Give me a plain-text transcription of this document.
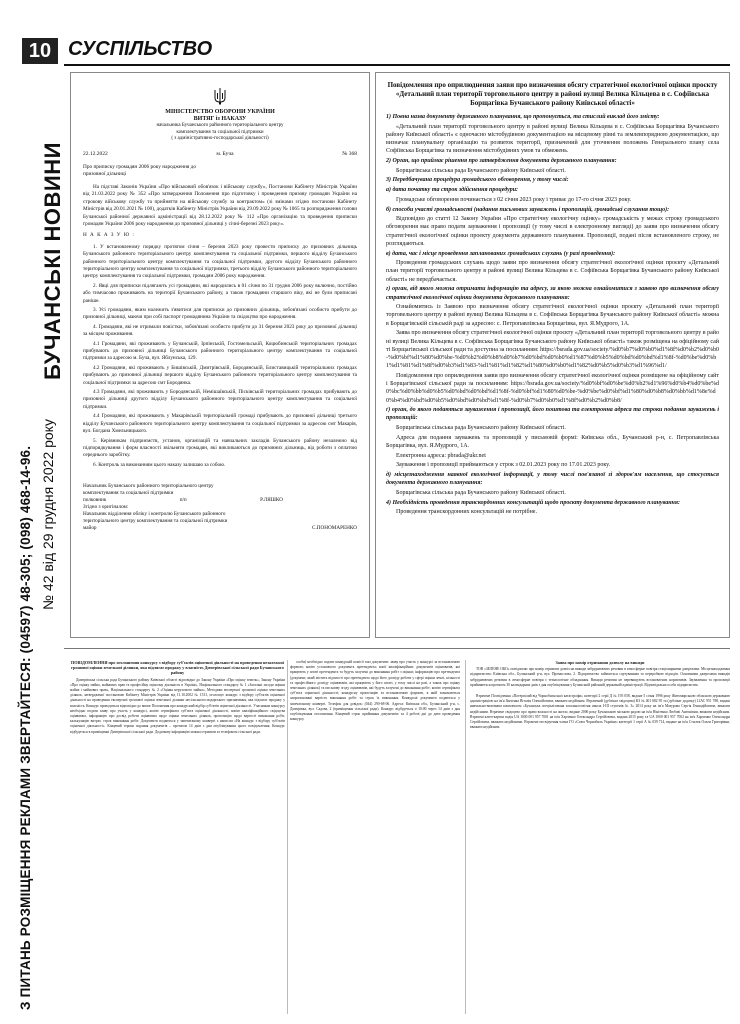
10
БУЧАНСЬКІ НОВИНИ
№ 42 від 29 грудня 2022 року
З ПИТАНЬ РОЗМІЩЕННЯ РЕКЛАМИ ЗВЕРТАЙТЕСЯ: (04597) 48-305; (098) 468-14-96.
СУСПІЛЬСТВО
МІНІСТЕРСТВО ОБОРОНИ УКРАЇНИ
ВИТЯГ із НАКАЗУ
начальника Бучанського районного територіального центру
комплектування та соціальної підтримки
( з адміністративно-господарської діяльності)
22.12.2022	м. Буча	№ 368
Про приписку громадян 2006 року народження до призовної дільниці

На підставі Законів України «Про військовий обов'язок і військову службу», Постанови Кабінету Міністрів України від 21.03.2022 року № 352 «Про затвердження Положення про підготовку і проведення призову громадян України на строкову військову службу та прийняття на військову службу за контрактом» (зі змінами згідно постанови Кабінету Міністрів від 20.01.2021 № 100), додатків Кабінету Міністрів України від 29.09.2022 року № 1065 та розпорядження голови Бучанської районної державної адміністрації від 28.12.2022 року № 112 «Про організацію та проведення приписки громадян України 2006 року народження до призовної дільниці у січні-березні 2023 року».

Н А К А З У Ю :

1. У встановленому порядку протягом січня – березня 2023 року провести приписку до призовних дільниць Бучанського районного територіального центру комплектування та соціальної підтримки, першого відділу Бучанського районного територіального центру комплектування та соціальної підтримки, другого відділу Бучанського районного територіального центру комплектування та соціальної підтримки, третього відділу Бучанського районного територіального центру комплектування та соціальної підтримки, громадян 2006 року народження.

2. Явці для приписки підлягають усі громадяни, які народились в 01 січня по 31 грудня 2006 року включно, постійно або тимчасово проживають на території Бучанського району, а також громадяни старшого віку, які не були приписані раніше.

3. Усі громадяни, яким належить з'явитися для приписки до призовних дільниць, зобов'язані особисто прибути до призовної дільниці, маючи при собі паспорт громадянина України та свідоцтво про народження.

4. Громадяни, які не отримали повістки, зобов'язані особисто прибути до 31 березня 2023 року до призовної дільниці за місцем проживання.

4.1 Громадяни, які проживають у Бучанській, Ірпінській, Гостомельській, Коцюбинській територіальних громадах прибувають до призовної дільниці Бучанського районного територіального центру комплектування та соціальної підтримки за адресою м. Буча, вул. Яблунська, 129.

4.2 Громадяни, які проживають у Бишівській, Дмитрівській, Бородянській, Блиставицькій територіальних громадах прибувають до призовної дільниці першого відділу Бучанського районного територіального центру комплектування та соціальної підтримки за адресою смт Бородянка.

4.3 Громадяни, які проживають у Бородянській, Немішаївській, Пісківській територіальних громадах прибувають до призовної дільниці другого відділу Бучанського районного територіального центру комплектування та соціальної підтримки.

4.4 Громадяни, які проживають у Макарівській територіальній громаді прибувають до призовної дільниці третього відділу Бучанського районного територіального центру комплектування та соціальної підтримки за адресою смт Макарів, вул. Богдана Хмельницького.

5. Керівникам підприємств, установ, організацій та навчальних закладів Бучанського району незалежно від підпорядкування і форм власності звільняти громадян, які викликаються до призовних дільниць, від роботи з оплатою середнього заробітку.

6. Контроль за виконанням цього наказу залишаю за собою.

Начальник Бучанського районного територіального центру комплектування та соціальної підтримки
полковник	п/п	Р.ЛЯШКО
Згідно з оригіналом:
Начальник відділення обліку і контролю Бучанського районного територіального центру комплектування та соціальної підтримки
майор	С.ПОНОМАРЕНКО
Повідомлення про оприлюднення заяви про визначення обсягу стратегічної екологічної оцінки проєкту «Детальний план території торговельного центру в районі вулиці Велика Кільцева в с. Софіївська Борщагівка Бучанського району Київської області»

1) Повна назва документу державного планування, що пропонується, та стислий виклад його змісту:

«Детальний план території торговельного центру в районі вулиці Велика Кільцева в с. Софіївська Борщагівка Бучанського району Київської області» є одночасно містобудівною документацією на місцевому рівні та землевпорядною документацією, що визначає планувальну організацію та розвиток території, призначений для уточнення положень Генерального плану села Софіївська Борщагівка та визначення містобудівних умов та обмежень.

2) Орган, що приймає рішення про затвердження документа державного планування:

Борщагівська сільська рада Бучанського району Київської області.

3) Передбачувана процедура громадського обговорення, у тому числі:

а) дата початку та строк здійснення процедури:

Громадське обговорення починається з 02 січня 2023 року і триває до 17-го січня 2023 року.

б) способи участі громадськості (надання письмових зауважень і пропозицій, громадські слухання тощо):

Відповідно до статті 12 Закону України «Про стратегічну екологічну оцінку» громадськість у межах строку громадського обговорення має право подати зауваження і пропозиції (у тому числі в електронному вигляді) до заяви про визначення обсягу стратегічної екологічної оцінки проекту документа державного планування. Пропозиції, подані після встановленого строку, не розглядаються.

в) дата, час і місце проведення запланованих громадських слухань (у разі проведення):

Проведення громадських слухань щодо заяви про визначення обсягу стратегічної екологічної оцінки проєкту «Детальний план території торговельного центру в районі вулиці Велика Кільцева в с. Софіївська Борщагівка Бучанського району Київської області» не передбачається.

г) орган, від якого можна отримати інформацію та адресу, за якою можна ознайомитися з заявою про визначення обсягу стратегічної екологічної оцінки документа державного планування:

Ознайомитись із Заявою про визначення обсягу стратегічної екологічної оцінки проєкту «Детальний план території торговельного центру в районі вулиці Велика Кільцева в с. Софіївська Борщагівка Бучанського району Київської області» можна в Борщагівській сільській раді за адресою: с. Петропавлівська Борщагівка, вул. Я.Мудрого, 1А.

Заява про визначення обсягу стратегічної екологічної оцінки проєкту «Детальний план території торговельного центру в районі вулиці Велика Кільцева в с. Софіївська Борщагівка Бучанського району Київської області» також розміщена на офіційному сайті Борщагівської сільської ради та доступна за посиланням: https://bsrada.gov.ua/society/%d0%b7%d0%b0%d1%8f%d0%b2%d0%b0-%d0%bf%d1%80%d0%be-%d0%b2%d0%b8%d0%b7%d0%bd%d0%b0%d1%87%d0%b5%d0%bd%d0%bd%d1%8f-%d0%be%d0%b1%d1%81%d1%8f%d0%b3%d1%83-%d1%81%d1%82%d1%80%d0%b0%d1%82%d0%b5%d0%b3%d1%96%d1/

Повідомлення про оприлюднення заяви про визначення обсягу стратегічної екологічної оцінки розміщене на офіційному сайті Борщагівської сільської ради за посиланням: https://bsrada.gov.ua/society/%d0%bf%d0%be%d0%b2%d1%96%d0%b4%d0%be%d0%bc%d0%bb%d0%b5%d0%bd%d0%bd%d1%8f-%d0%bf%d1%80%d0%be-%d0%be%d0%bf%d1%80%d0%b8%d0%bb%d1%8e%d0%b4%d0%bd%d0%b5%d0%bd%d0%bd%d1%8f-%d0%b7%d0%b0%d1%8f%d0%b2%d0%b8/

ґ) орган, до якого подаються зауваження і пропозиції, його поштова та електронна адреса та строки подання зауважень і пропозицій:

Борщагівська сільська рада Бучанського району Київської області.

Адреса для подання зауважень та пропозицій у письмовій формі: Київська обл., Бучанський р-н, с. Петропавлівська Борщагівка, вул. Я.Мудрого, 1А.

Електронна адреса: pbrada@ukr.net

Зауваження і пропозиції приймаються у строк з 02.01.2023 року по 17.01.2023 року.

д) місцезнаходження наявної екологічної інформації, у тому числі пов'язаної зі здоров'ям населення, що стосується документа державного планування:

Борщагівська сільська рада Бучанського району Київської області.

4) Необхідність проведення транскордонних консультацій щодо проєкту документа державного планування:

Проведення транскордонних консультацій не потрібне.

ПОВІДОМЛЕННЯ про оголошення конкурсу з відбору суб'єктів оціночної діяльності на проведення незалежної грошової оцінки земельної ділянки, яка підлягає продажу у власність Дмитрівської сільської ради Бучанського району

Дмитрівська сільська рада Бучанського району Київської області відповідно до Закону України «Про оцінку земель», Закону України «Про оцінку майна, майнових прав та професійну оціночну діяльність в Україні», Національного стандарту № 1 «Загальні засади оцінки майна і майнових прав», Національного стандарту № 2 «Оцінка нерухомого майна», Методики експертної грошової оцінки земельних ділянок, затвердженої постановою Кабінету Міністрів України від 11.10.2002 № 1531, оголошує конкурс з відбору суб'єктів оціночної діяльності на проведення експертної грошової оцінки земельної ділянки несільськогосподарського призначення, яка підлягає продажу у власність. Конкурс проводиться відповідно до вимог Положення про конкурсний відбір суб'єктів оціночної діяльності. Учасникам конкурсу необхідно подати заяву про участь у конкурсі, копію сертифіката суб'єкта оціночної діяльності, копію кваліфікаційного свідоцтва оцінювача, інформацію про досвід роботи оцінювача щодо оцінки земельних ділянок, пропозицію щодо вартості виконання робіт, калькуляцію витрат, строк виконання робіт. Документи подаються у запечатаному конверті з написом «На конкурс з відбору суб'єктів оціночної діяльності». Кінцевий термін подання документів – протягом 14 днів з дня опублікування цього повідомлення. Конкурс відбудеться в приміщенні Дмитрівської сільської ради. Додаткову інформацію можна отримати за телефоном сільської ради.

особи) необхідно подати конкурсній комісії такі документи: заяву про участь у конкурсі за встановленою формою; копію установчого документа претендента; копії кваліфікаційних документів оцінювачів, які працюють у штаті претендента та будуть залучені до виконання робіт з оцінки; інформацію про претендента (документ, який містить відомості про претендента щодо його досвіду роботи у сфері оцінки землі, кількості та професійного досвіду оцінювачів, які працюють у його штаті, у тому числі на разі, а також про оцінку земельних ділянок) та письмову згоду оцінювачів, які будуть залучені до виконання робіт; копію сертифіката суб'єкта оціночної діяльності; конкурсну пропозицію за встановленою формою, в якій зазначаються запропоновані вартість виконання робіт та строк їх виконання. Конкурсні документи подаються у запечатаному конверті. Телефон для довідок: (044) 290-68-06. Адреса: Київська обл., Бучанський р-н, с. Дмитрівка, вул. Садова, 2 (приміщення сільської ради). Конкурс відбудеться о 10:00 через 14 днів з дня опублікування оголошення. Кінцевий строк приймання документів: за 4 робочі дні до дати проведення конкурсу.

Заява про намір отримання дозволу на викиди

ТОВ «ЗЕЛЕНЕ ОКО» повідомляє про намір отримати дозвіл на викиди забруднюючих речовин в атмосферне повітря стаціонарними джерелами. Місцезнаходження підприємства: Київська обл., Бучанський р-н, вул. Промислова, 2. Підприємство займається сортуванням та переробкою відходів. Основними джерелами викидів забруднюючих речовин в атмосферне повітря є технологічне обладнання. Викиди речовин не перевищують встановлених нормативів. Зауваження та пропозиції приймаються протягом 30 календарних днів з дня опублікування у Бучанській районній державній адміністрації. Відповідальна особа підприємства.

Втрачене Посвідчення «Потерпілий від Чорнобильської катастрофи» категорії 2 серії Д № 195 058, видане 5 січня 1996 року Житомирською обласною державною адміністрацією на ім'я Зінченка Віталія Олексійовича, вважати недійсним. Втрачений (дублікат свідоцтва) КЗ № 401 682 95 та (дублікат додатку) 12АС 951 788, видані навчально-виховним комплексом «Бучанська спеціалізована загальноосвітня школа І-ІІІ ступенів № 3» 2014 року на ім'я Мазурова Сергія Геннадійовича, вважати недійсними. Втрачене свідоцтво про право власності на житло, видане 2006 року Бучанською міською радою на ім'я Нікітенко Любові Антонівни, вважати недійсним. Втрачені ключ-картки водія UA 1000 001 957 7001 на ім'я Харченко Олександра Сергійовича, видана 2015 року та UA 1000 001 957 7002 на ім'я Харченко Олександра Сергійовича, вважати недійсними. Втрачене посвідчення члена ГО «Союз Чорнобиль України» категорії 1 серії А № 039 714, видане на ім'я Стасюк Ольги Григорівни, вважати недійсним.
